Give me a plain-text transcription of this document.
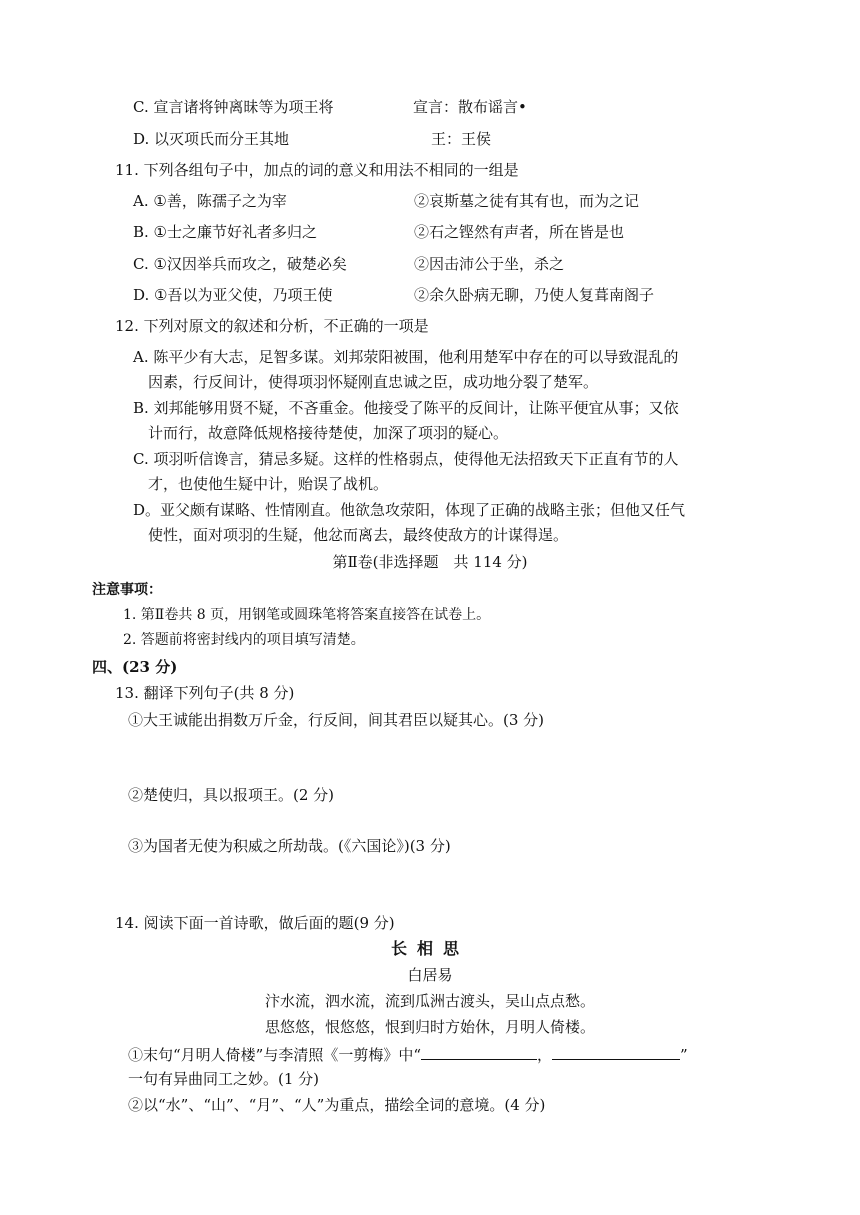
C. 宣言诸将钟离昧等为项王将	宣言：散布谣言•
D. 以灭项氏而分王其地	王：王侯
11. 下列各组句子中，加点的词的意义和用法不相同的一组是
A. ①善，陈孺子之为宰	②哀斯墓之徒有其有也，而为之记
B. ①士之廉节好礼者多归之	②石之铿然有声者，所在皆是也
C. ①汉因举兵而攻之，破楚必矣	②因击沛公于坐，杀之
D. ①吾以为亚父使，乃项王使	②余久卧病无聊，乃使人复葺南阁子
12. 下列对原文的叙述和分析，不正确的一项是
A. 陈平少有大志，足智多谋。刘邦荥阳被围，他利用楚军中存在的可以导致混乱的
因素，行反间计，使得项羽怀疑刚直忠诚之臣，成功地分裂了楚军。
B. 刘邦能够用贤不疑，不吝重金。他接受了陈平的反间计，让陈平便宜从事；又依
计而行，故意降低规格接待楚使，加深了项羽的疑心。
C. 项羽听信谗言，猜忌多疑。这样的性格弱点，使得他无法招致天下正直有节的人
才，也使他生疑中计，贻误了战机。
D。亚父颇有谋略、性情刚直。他欲急攻荥阳，体现了正确的战略主张；但他又任气
使性，面对项羽的生疑，他忿而离去，最终使敌方的计谋得逞。
第Ⅱ卷(非选择题　共 114 分)
注意事项：
1. 第Ⅱ卷共 8 页，用钢笔或圆珠笔将答案直接答在试卷上。
2. 答题前将密封线内的项目填写清楚。
四、(23 分)
13. 翻译下列句子(共 8 分)
①大王诚能出捐数万斤金，行反间，间其君臣以疑其心。(3 分)
②楚使归，具以报项王。(2 分)
③为国者无使为积威之所劫哉。(《六国论》)(3 分)
14. 阅读下面一首诗歌，做后面的题(9 分)
长相思
白居易
汴水流，泗水流，流到瓜洲古渡头，吴山点点愁。
思悠悠，恨悠悠，恨到归时方始休，月明人倚楼。
①末句“月明人倚楼”与李清照《一剪梅》中“	，	”
一句有异曲同工之妙。(1 分)
②以“水”、“山”、“月”、“人”为重点，描绘全词的意境。(4 分)
